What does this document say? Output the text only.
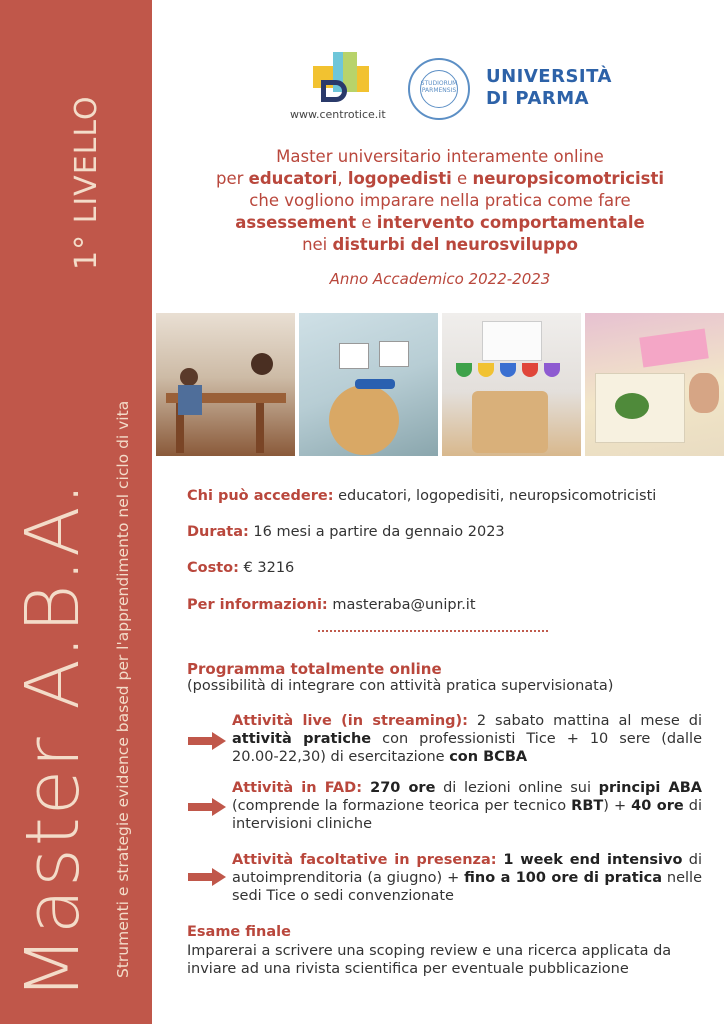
Master A.B.A.	Strumenti e strategie evidence based per l'apprendimento nel ciclo di vita
1° LIVELLO	www.centrotice.it
STUDIORUM PARMENSIS
UNIVERSITÀ
DI PARMA
Master universitario interamente online
per educatori, logopedisti e neuropsicomotricisti
che vogliono imparare nella pratica come fare
assessement e intervento comportamentale
nei disturbi del neurosviluppo
Anno Accademico 2022-2023
Chi può accedere: educatori, logopedisiti, neuropsicomotricisti
Durata: 16 mesi a partire da gennaio 2023
Costo: € 3216
Per informazioni: masteraba@unipr.it
Programma totalmente online
(possibilità di integrare con attività pratica supervisionata)
Attività live (in streaming): 2 sabato mattina al mese di attività pratiche con professionisti Tice + 10 sere (dalle 20.00-22,30) di esercitazione con BCBA
Attività in FAD: 270 ore di lezioni online sui principi ABA (comprende la formazione teorica per tecnico RBT) + 40 ore di intervisioni cliniche
Attività facoltative in presenza: 1 week end intensivo di autoimprenditoria (a giugno) + fino a 100 ore di pratica nelle sedi Tice o sedi convenzionate
Esame finale
Imparerai a scrivere una scoping review e una ricerca applicata da inviare ad una rivista scientifica per eventuale pubblicazione
